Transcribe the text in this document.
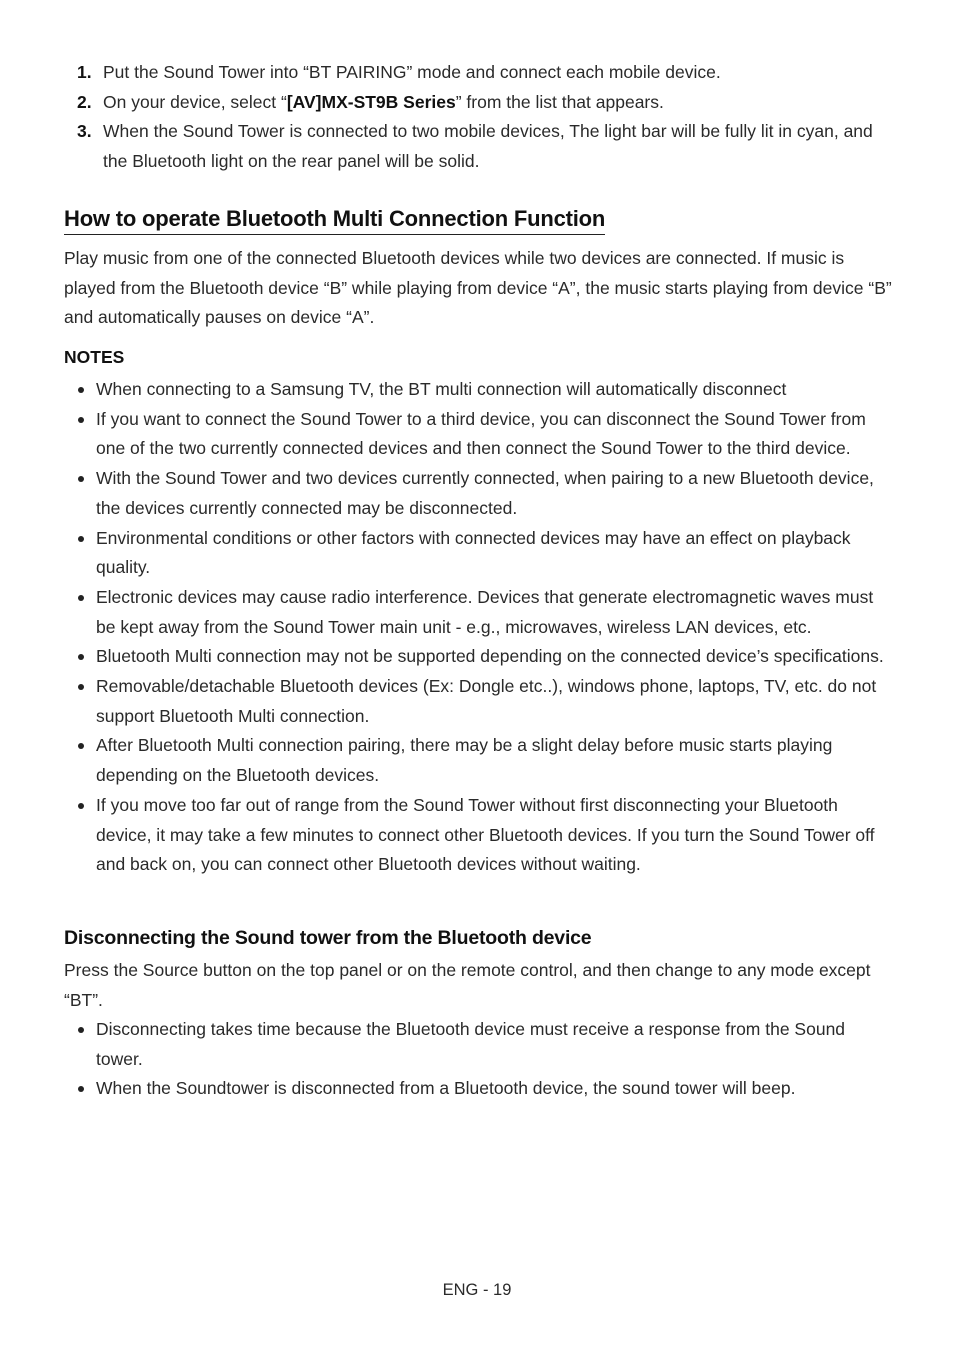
1. Put the Sound Tower into “BT PAIRING” mode and connect each mobile device.
2. On your device, select “[AV]MX-ST9B Series” from the list that appears.
3. When the Sound Tower is connected to two mobile devices, The light bar will be fully lit in cyan, and the Bluetooth light on the rear panel will be solid.
How to operate Bluetooth Multi Connection Function

Play music from one of the connected Bluetooth devices while two devices are connected. If music is played from the Bluetooth device “B” while playing from device “A”, the music starts playing from device “B” and automatically pauses on device “A”.

NOTES
When connecting to a Samsung TV, the BT multi connection will automatically disconnect
If you want to connect the Sound Tower to a third device, you can disconnect the Sound Tower from one of the two currently connected devices and then connect the Sound Tower to the third device.
With the Sound Tower and two devices currently connected, when pairing to a new Bluetooth device, the devices currently connected may be disconnected.
Environmental conditions or other factors with connected devices may have an effect on playback quality.
Electronic devices may cause radio interference. Devices that generate electromagnetic waves must be kept away from the Sound Tower main unit - e.g., microwaves, wireless LAN devices, etc.
Bluetooth Multi connection may not be supported depending on the connected device’s specifications.
Removable/detachable Bluetooth devices (Ex: Dongle etc..), windows phone, laptops, TV, etc. do not support Bluetooth Multi connection.
After Bluetooth Multi connection pairing, there may be a slight delay before music starts playing depending on the Bluetooth devices.
If you move too far out of range from the Sound Tower without first disconnecting your Bluetooth device, it may take a few minutes to connect other Bluetooth devices. If you turn the Sound Tower off and back on, you can connect other Bluetooth devices without waiting.
Disconnecting the Sound tower from the Bluetooth device

Press the Source button on the top panel or on the remote control, and then change to any mode except “BT”.

Disconnecting takes time because the Bluetooth device must receive a response from the Sound tower.
When the Soundtower is disconnected from a Bluetooth device, the sound tower will beep.
ENG - 19
